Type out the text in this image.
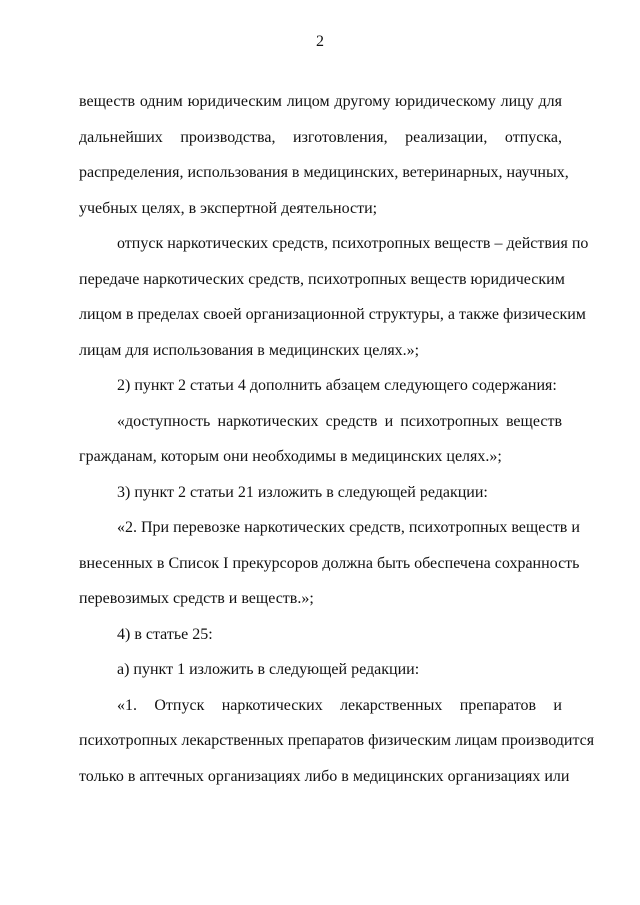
2
веществ одним юридическим лицом другому юридическому лицу для
дальнейших производства, изготовления, реализации, отпуска,
распределения, использования в медицинских, ветеринарных, научных,
учебных целях, в экспертной деятельности;
отпуск наркотических средств, психотропных веществ – действия по
передаче наркотических средств, психотропных веществ юридическим
лицом в пределах своей организационной структуры, а также физическим
лицам для использования в медицинских целях.»;
2) пункт 2 статьи 4 дополнить абзацем следующего содержания:
«доступность наркотических средств и психотропных веществ
гражданам, которым они необходимы в медицинских целях.»;
3) пункт 2 статьи 21 изложить в следующей редакции:
«2. При перевозке наркотических средств, психотропных веществ и
внесенных в Список I прекурсоров должна быть обеспечена сохранность
перевозимых средств и веществ.»;
4) в статье 25:
а) пункт 1 изложить в следующей редакции:
«1. Отпуск наркотических лекарственных препаратов и
психотропных лекарственных препаратов физическим лицам производится
только в аптечных организациях либо в медицинских организациях или
